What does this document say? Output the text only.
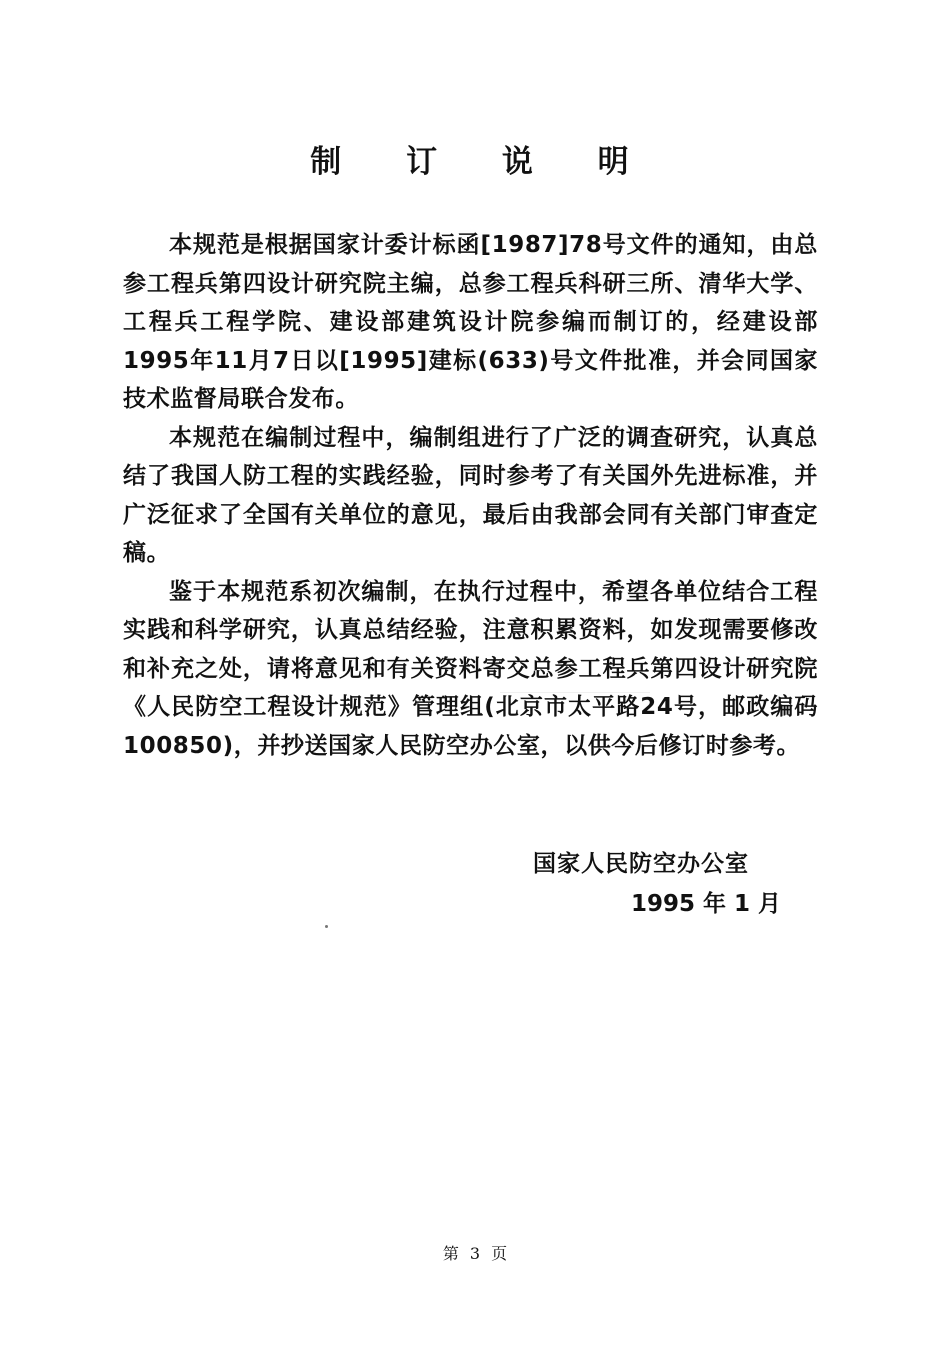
制 订 说 明

本规范是根据国家计委计标函[1987]78号文件的通知，由总参工程兵第四设计研究院主编，总参工程兵科研三所、清华大学、工程兵工程学院、建设部建筑设计院参编而制订的，经建设部1995年11月7日以[1995]建标(633)号文件批准，并会同国家技术监督局联合发布。

本规范在编制过程中，编制组进行了广泛的调查研究，认真总结了我国人防工程的实践经验，同时参考了有关国外先进标准，并广泛征求了全国有关单位的意见，最后由我部会同有关部门审查定稿。

鉴于本规范系初次编制，在执行过程中，希望各单位结合工程实践和科学研究，认真总结经验，注意积累资料，如发现需要修改和补充之处，请将意见和有关资料寄交总参工程兵第四设计研究院《人民防空工程设计规范》管理组(北京市太平路24号，邮政编码100850)，并抄送国家人民防空办公室，以供今后修订时参考。

国家人民防空办公室
1995 年 1 月
第 3 页
